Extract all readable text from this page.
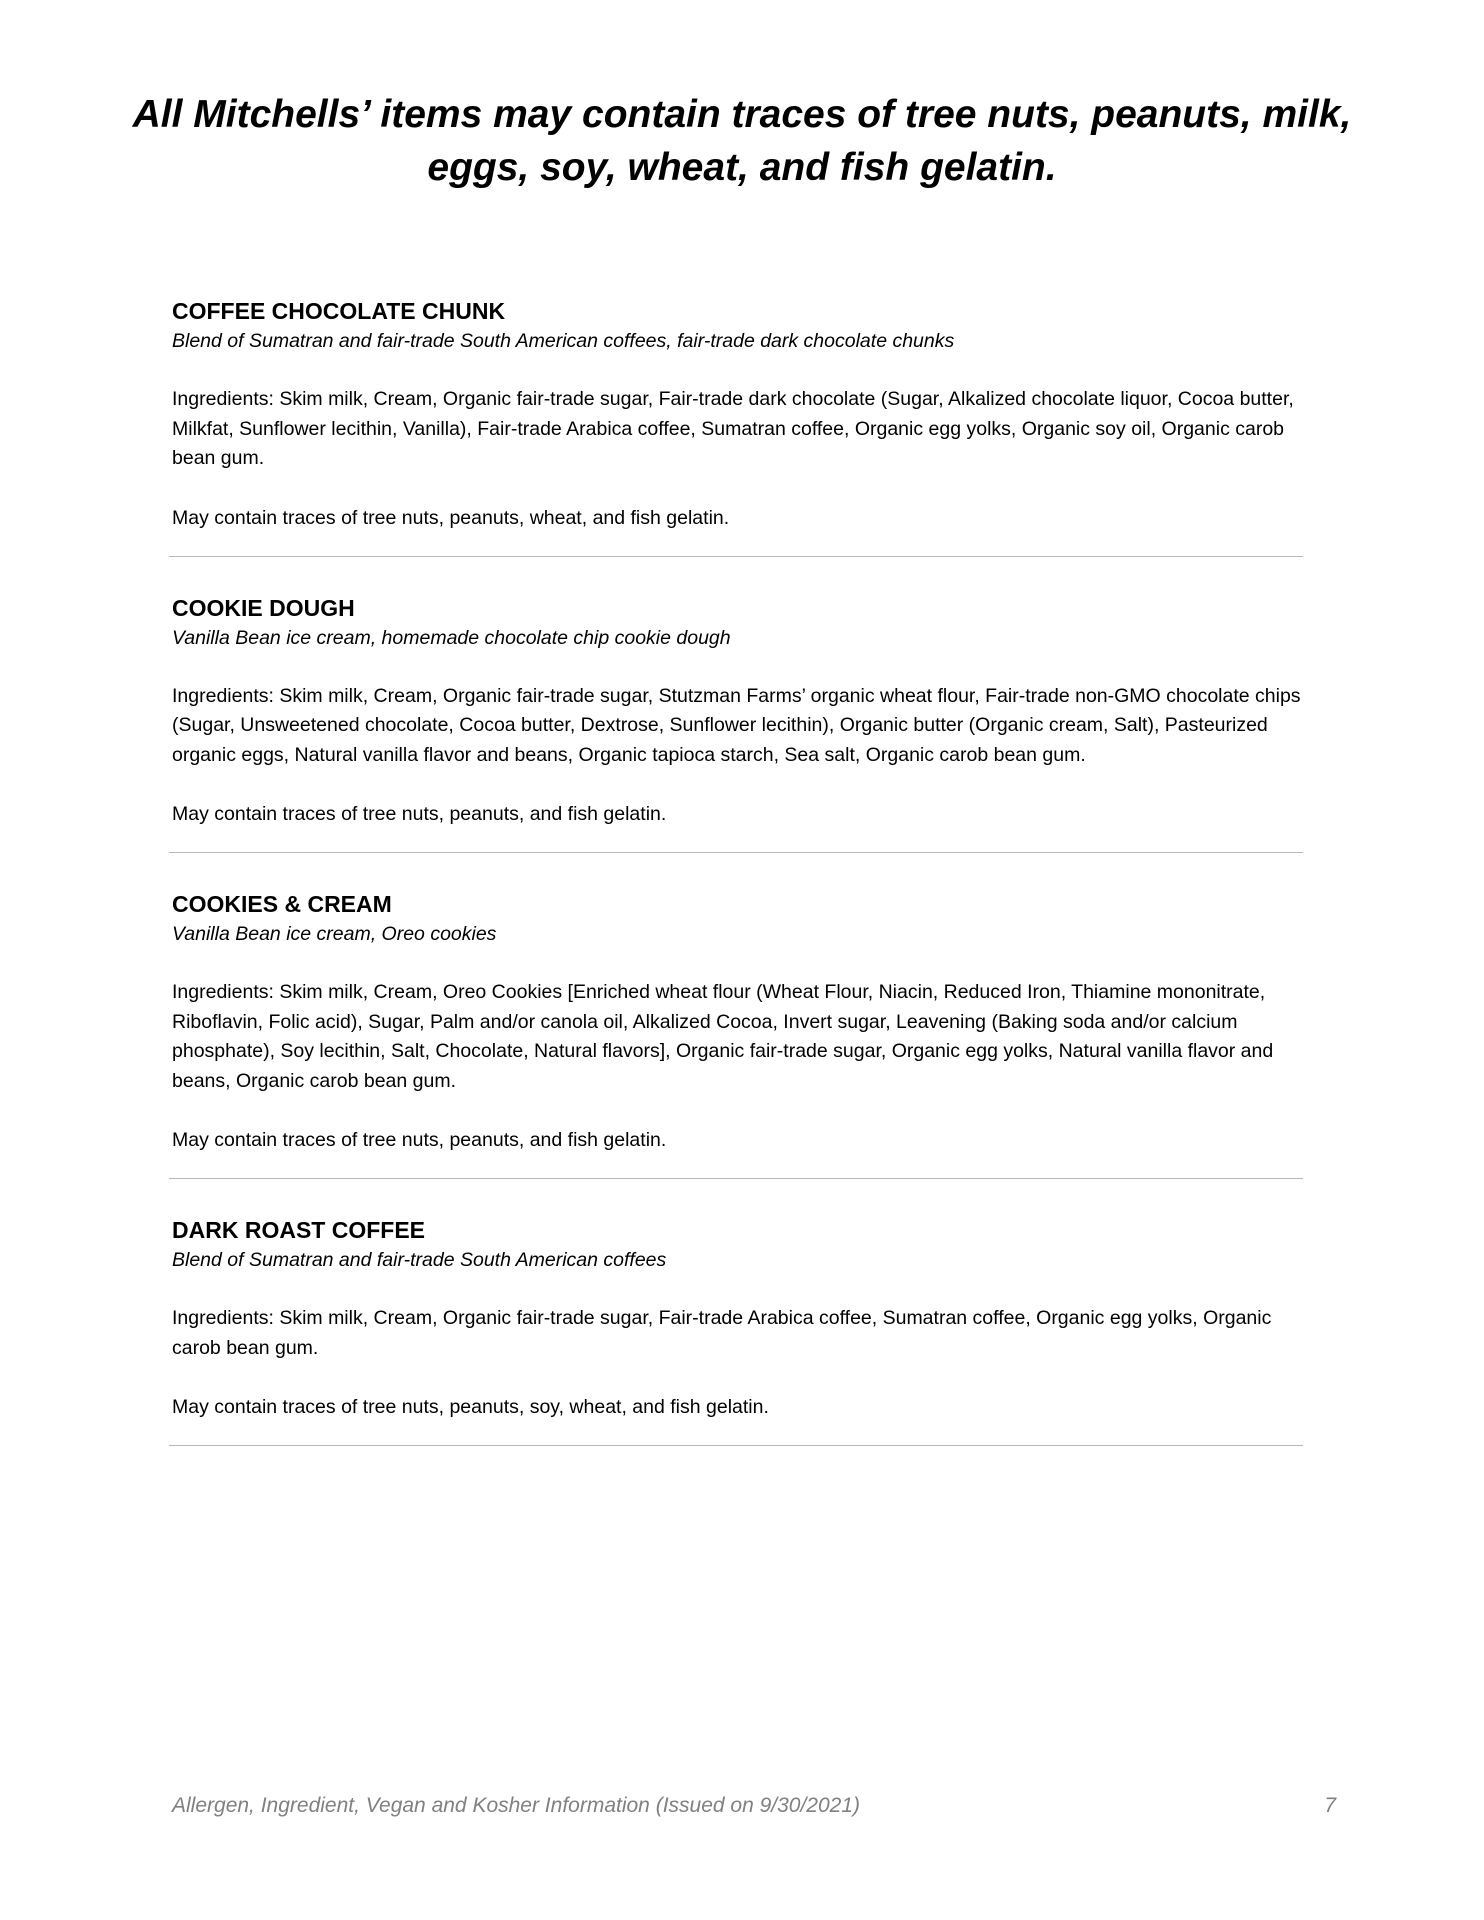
All Mitchells’ items may contain traces of tree nuts, peanuts, milk, eggs, soy, wheat, and fish gelatin.

COFFEE CHOCOLATE CHUNK

Blend of Sumatran and fair-trade South American coffees, fair-trade dark chocolate chunks

Ingredients: Skim milk, Cream, Organic fair-trade sugar, Fair-trade dark chocolate (Sugar, Alkalized chocolate liquor, Cocoa butter, Milkfat, Sunflower lecithin, Vanilla), Fair-trade Arabica coffee, Sumatran coffee, Organic egg yolks, Organic soy oil, Organic carob bean gum.

May contain traces of tree nuts, peanuts, wheat, and fish gelatin.

COOKIE DOUGH

Vanilla Bean ice cream, homemade chocolate chip cookie dough

Ingredients: Skim milk, Cream, Organic fair-trade sugar, Stutzman Farms’ organic wheat flour, Fair-trade non-GMO chocolate chips (Sugar, Unsweetened chocolate, Cocoa butter, Dextrose, Sunflower lecithin), Organic butter (Organic cream, Salt), Pasteurized organic eggs, Natural vanilla flavor and beans, Organic tapioca starch, Sea salt, Organic carob bean gum.

May contain traces of tree nuts, peanuts, and fish gelatin.

COOKIES & CREAM

Vanilla Bean ice cream, Oreo cookies

Ingredients: Skim milk, Cream, Oreo Cookies [Enriched wheat flour (Wheat Flour, Niacin, Reduced Iron, Thiamine mononitrate, Riboflavin, Folic acid), Sugar, Palm and/or canola oil, Alkalized Cocoa, Invert sugar, Leavening (Baking soda and/or calcium phosphate), Soy lecithin, Salt, Chocolate, Natural flavors], Organic fair-trade sugar, Organic egg yolks, Natural vanilla flavor and beans, Organic carob bean gum.

May contain traces of tree nuts, peanuts, and fish gelatin.

DARK ROAST COFFEE

Blend of Sumatran and fair-trade South American coffees

Ingredients: Skim milk, Cream, Organic fair-trade sugar, Fair-trade Arabica coffee, Sumatran coffee, Organic egg yolks, Organic carob bean gum.

May contain traces of tree nuts, peanuts, soy, wheat, and fish gelatin.

Allergen, Ingredient, Vegan and Kosher Information (Issued on 9/30/2021)	7
